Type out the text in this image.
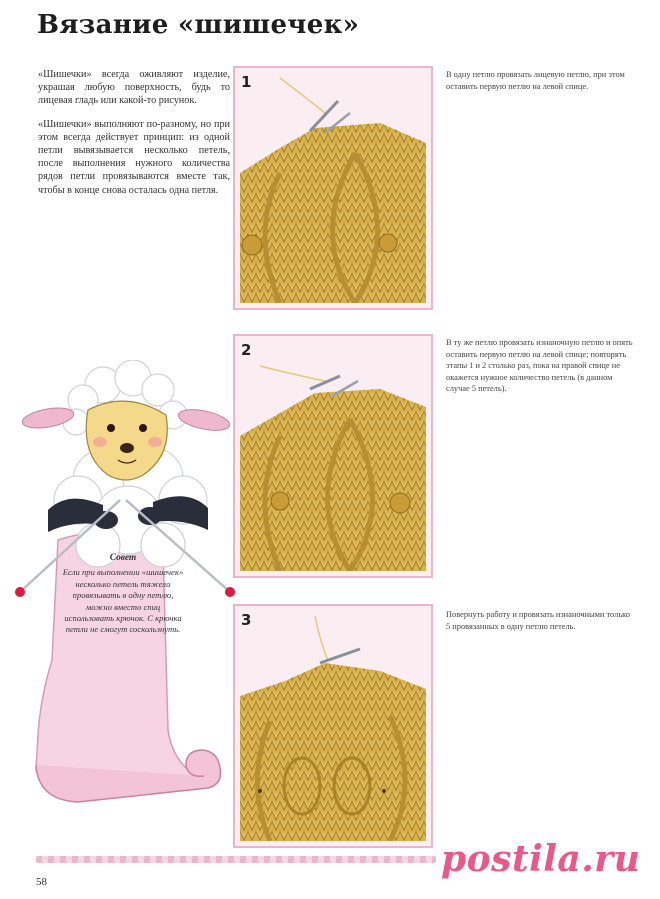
Вязание «шишечек»

«Шишечки» всегда оживляют изделие, украшая любую поверхность, будь то лицевая гладь или какой-то рисунок.

«Шишечки» выполняют по-разному, но при этом всегда действует принцип: из одной петли вывязывается несколько петель, после выполнения нужного количества рядов петли провязываются вместе так, чтобы в конце снова осталась одна петля.

1	В одну петлю провязать лицевую петлю, при этом оставить первую петлю на левой спице.
2	В ту же петлю провязать изнаночную петлю и опять оставить первую петлю на левой спице; повторять этапы 1 и 2 столько раз, пока на правой спице не окажется нужное количество петель (в данном случае 5 петель).
3	Повернуть работу и провязать изнаночными только 5 провязанных в одну петлю петель.
Совет
Если при выполнении «шишечек» несколько петель тяжело провязывать в одну петлю, можно вместо спиц использовать крючок. С крючка петли не смогут соскользнуть.
58
postila.ru
